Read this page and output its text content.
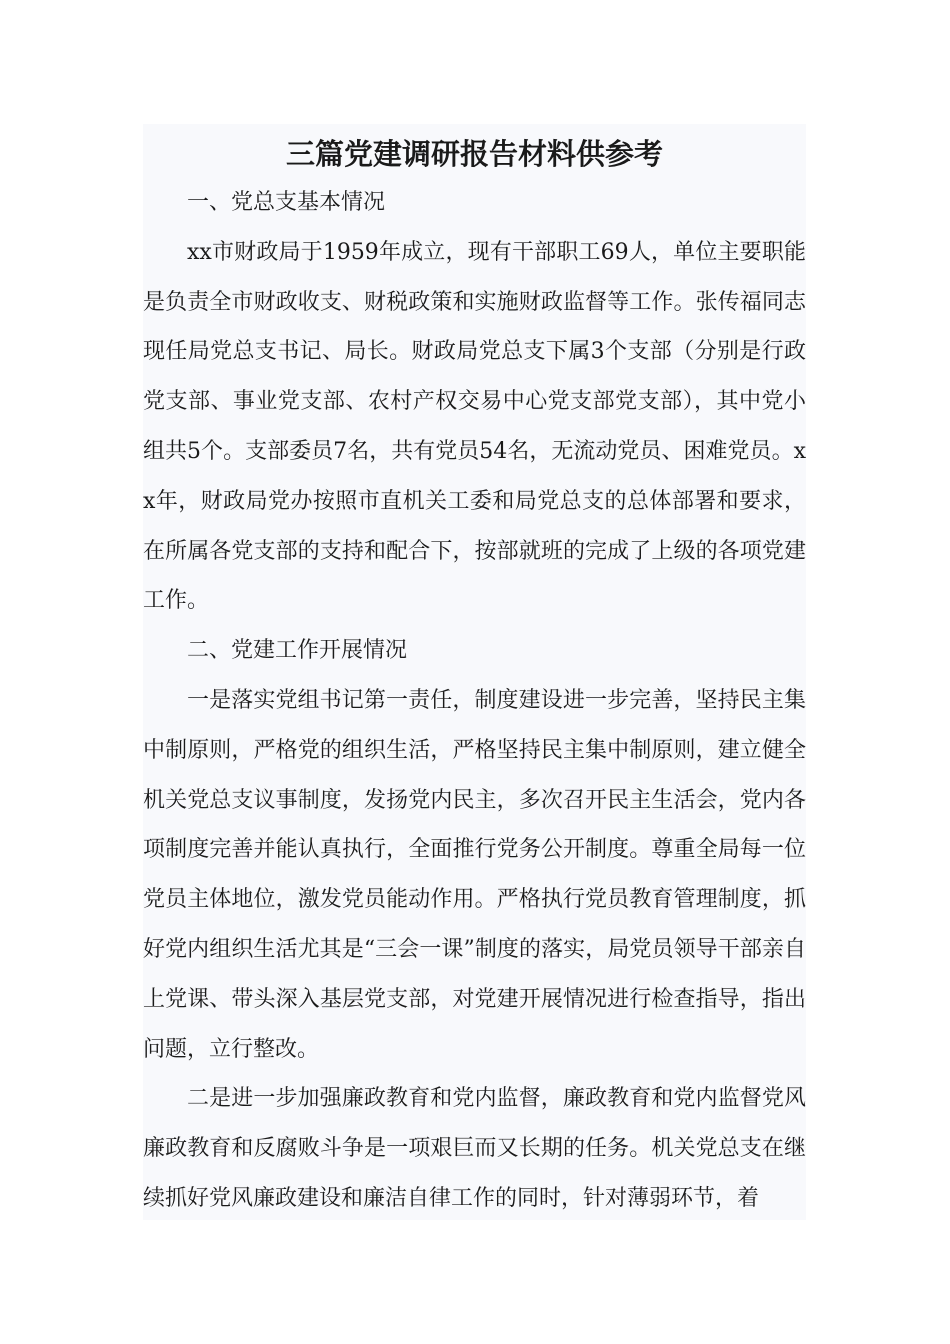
三篇党建调研报告材料供参考

一、党总支基本情况

xx市财政局于1959年成立，现有干部职工69人，单位主要职能是负责全市财政收支、财税政策和实施财政监督等工作。张传福同志现任局党总支书记、局长。财政局党总支下属3个支部（分别是行政党支部、事业党支部、农村产权交易中心党支部党支部），其中党小组共5个。支部委员7名，共有党员54名，无流动党员、困难党员。xx年，财政局党办按照市直机关工委和局党总支的总体部署和要求，在所属各党支部的支持和配合下，按部就班的完成了上级的各项党建工作。

二、党建工作开展情况

一是落实党组书记第一责任，制度建设进一步完善，坚持民主集中制原则，严格党的组织生活，严格坚持民主集中制原则，建立健全机关党总支议事制度，发扬党内民主，多次召开民主生活会，党内各项制度完善并能认真执行，全面推行党务公开制度。尊重全局每一位党员主体地位，激发党员能动作用。严格执行党员教育管理制度，抓好党内组织生活尤其是“三会一课”制度的落实，局党员领导干部亲自上党课、带头深入基层党支部，对党建开展情况进行检查指导，指出问题，立行整改。

二是进一步加强廉政教育和党内监督，廉政教育和党内监督党风廉政教育和反腐败斗争是一项艰巨而又长期的任务。机关党总支在继续抓好党风廉政建设和廉洁自律工作的同时，针对薄弱环节，着
